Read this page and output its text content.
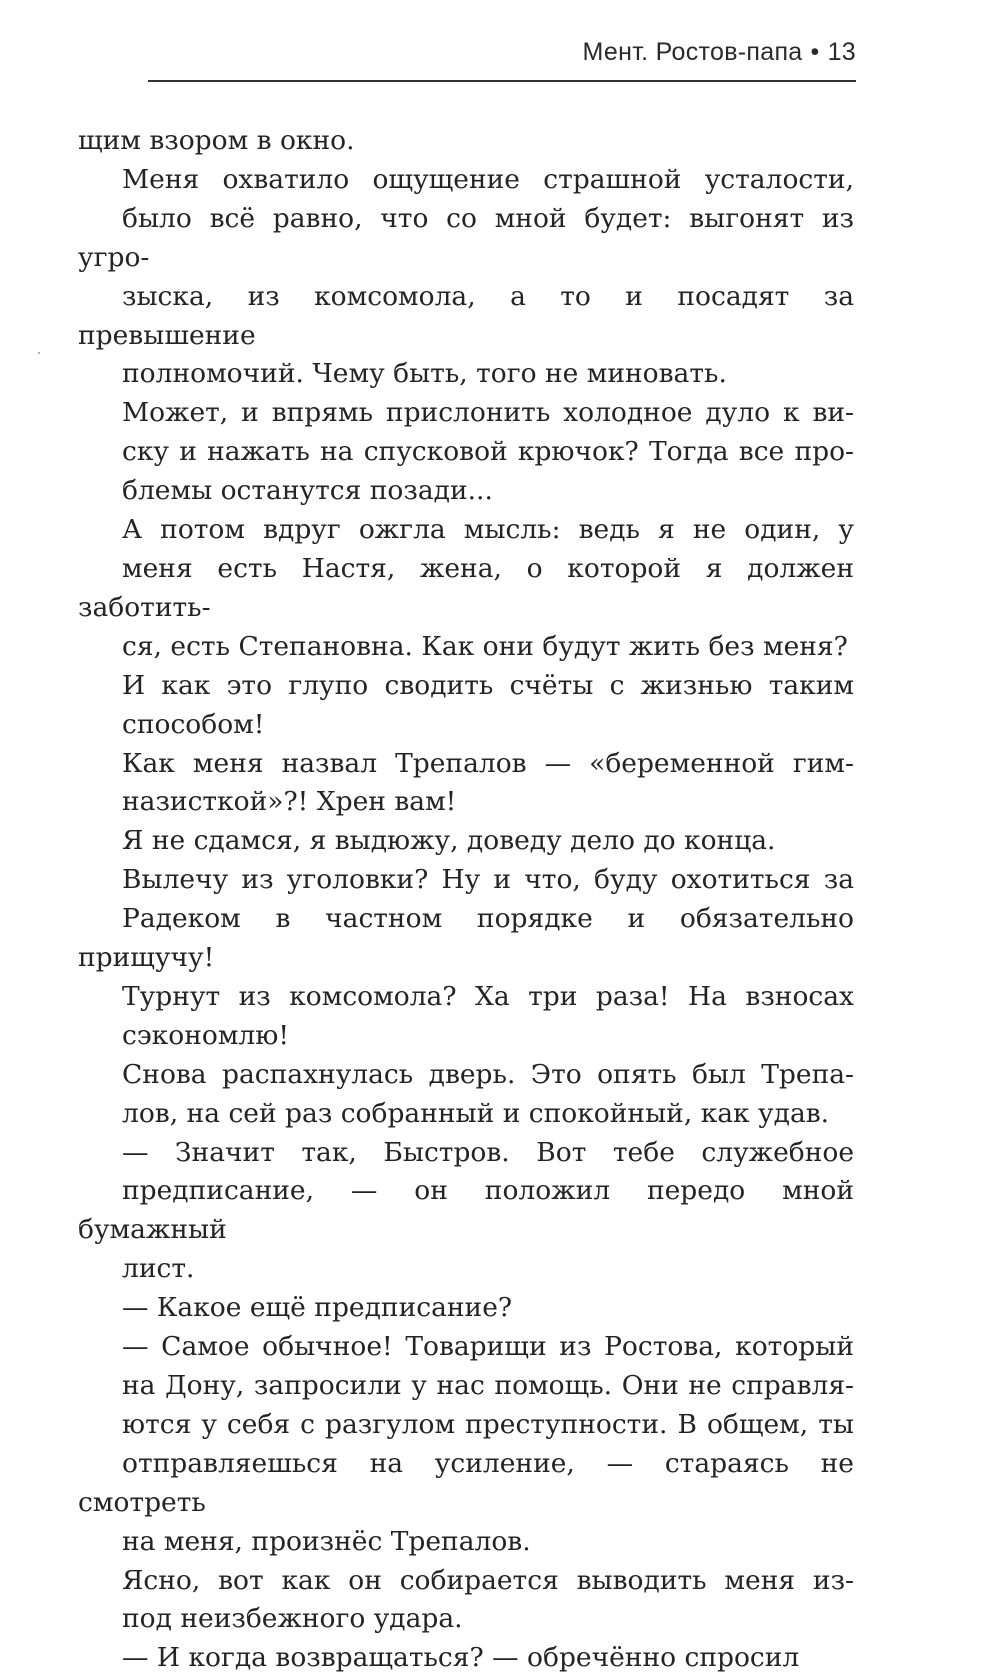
Мент. Ростов-папа • 13

щим взором в окно.

Меня охватило ощущение страшной усталости,
было всё равно, что со мной будет: выгонят из угро-
зыска, из комсомола, а то и посадят за превышение
полномочий. Чему быть, того не миновать.

Может, и впрямь прислонить холодное дуло к ви-
ску и нажать на спусковой крючок? Тогда все про-
блемы останутся позади...

А потом вдруг ожгла мысль: ведь я не один, у
меня есть Настя, жена, о которой я должен заботить-
ся, есть Степановна. Как они будут жить без меня?

И как это глупо сводить счёты с жизнью таким
способом!

Как меня назвал Трепалов — «беременной гим-
назисткой»?! Хрен вам!

Я не сдамся, я выдюжу, доведу дело до конца.

Вылечу из уголовки? Ну и что, буду охотиться за
Радеком в частном порядке и обязательно прищучу!

Турнут из комсомола? Ха три раза! На взносах
сэкономлю!

Снова распахнулась дверь. Это опять был Трепа-
лов, на сей раз собранный и спокойный, как удав.

— Значит так, Быстров. Вот тебе служебное
предписание, — он положил передо мной бумажный
лист.

— Какое ещё предписание?

— Самое обычное! Товарищи из Ростова, который
на Дону, запросили у нас помощь. Они не справля-
ются у себя с разгулом преступности. В общем, ты
отправляешься на усиление, — стараясь не смотреть
на меня, произнёс Трепалов.

Ясно, вот как он собирается выводить меня из-
под неизбежного удара.

— И когда возвращаться? — обречённо спросил
